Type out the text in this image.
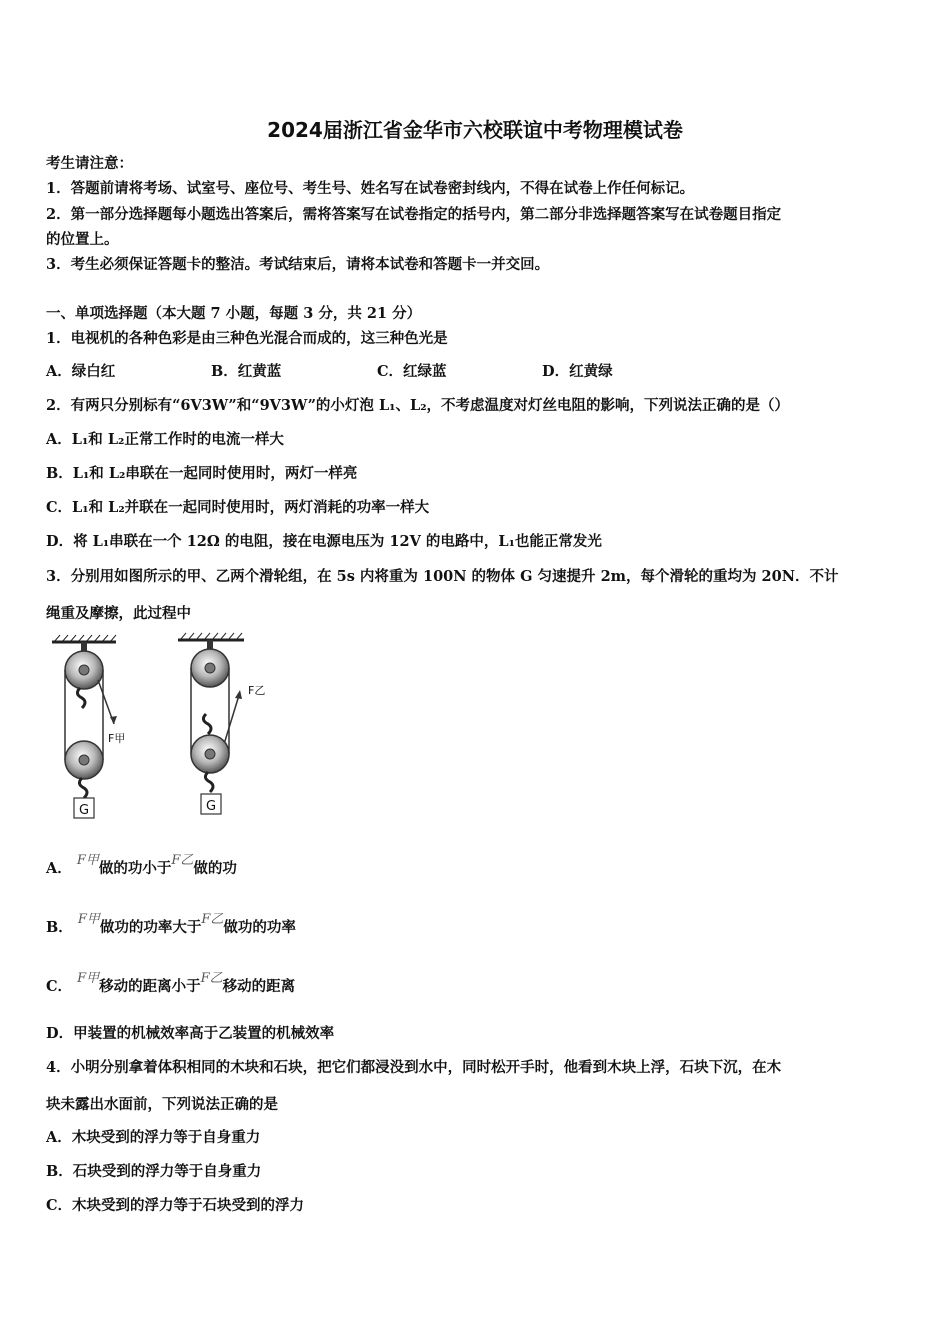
2024届浙江省金华市六校联谊中考物理模试卷
考生请注意：
1．答题前请将考场、试室号、座位号、考生号、姓名写在试卷密封线内，不得在试卷上作任何标记。
2．第一部分选择题每小题选出答案后，需将答案写在试卷指定的括号内，第二部分非选择题答案写在试卷题目指定
的位置上。
3．考生必须保证答题卡的整洁。考试结束后，请将本试卷和答题卡一并交回。
一、单项选择题（本大题 7 小题，每题 3 分，共 21 分）
1．电视机的各种色彩是由三种色光混合而成的，这三种色光是
A．绿白红	B．红黄蓝	C．红绿蓝	D．红黄绿
2．有两只分别标有“6V3W”和“9V3W”的小灯泡 L₁、L₂，不考虑温度对灯丝电阻的影响，下列说法正确的是（）
A．L₁和 L₂正常工作时的电流一样大
B．L₁和 L₂串联在一起同时使用时，两灯一样亮
C．L₁和 L₂并联在一起同时使用时，两灯消耗的功率一样大
D．将 L₁串联在一个 12Ω 的电阻，接在电源电压为 12V 的电路中，L₁也能正常发光
3．分别用如图所示的甲、乙两个滑轮组，在 5s 内将重为 100N 的物体 G 匀速提升 2m，每个滑轮的重均为 20N．不计
绳重及摩擦，此过程中
G
F甲
G
F乙
A． F甲做的功小于F乙做的功
B． F甲做功的功率大于F乙做功的功率
C． F甲移动的距离小于F乙移动的距离
D．甲装置的机械效率高于乙装置的机械效率
4．小明分别拿着体积相同的木块和石块，把它们都浸没到水中，同时松开手时，他看到木块上浮，石块下沉，在木
块未露出水面前，下列说法正确的是
A．木块受到的浮力等于自身重力
B．石块受到的浮力等于自身重力
C．木块受到的浮力等于石块受到的浮力
